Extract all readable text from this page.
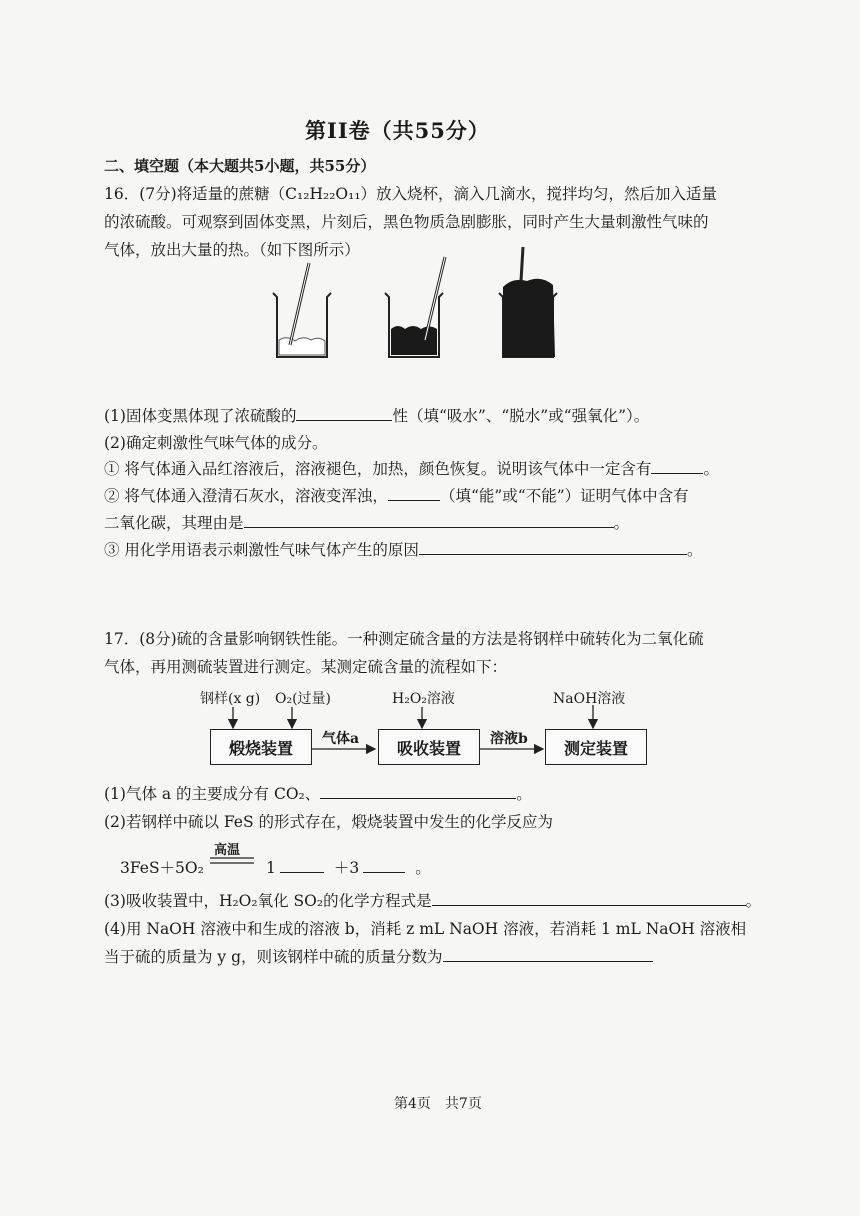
第II卷（共55分）
二、填空题（本大题共5小题，共55分）
16．(7分)将适量的蔗糖（C₁₂H₂₂O₁₁）放入烧杯，滴入几滴水，搅拌均匀，然后加入适量
的浓硫酸。可观察到固体变黑，片刻后，黑色物质急剧膨胀，同时产生大量刺激性气味的
气体，放出大量的热。（如下图所示）
(1)固体变黑体现了浓硫酸的	性（填“吸水”、“脱水”或“强氧化”）。
(2)确定刺激性气味气体的成分。
① 将气体通入品红溶液后，溶液褪色，加热，颜色恢复。说明该气体中一定含有	。
② 将气体通入澄清石灰水，溶液变浑浊，	（填“能”或“不能”）证明气体中含有
二氧化碳，其理由是	。
③ 用化学用语表示刺激性气味气体产生的原因	。
17．(8分)硫的含量影响钢铁性能。一种测定硫含量的方法是将钢样中硫转化为二氧化硫
气体，再用测硫装置进行测定。某测定硫含量的流程如下：
钢样(x g) O₂(过量)	H₂O₂溶液	NaOH溶液
煅烧装置	吸收装置	测定装置
气体a	溶液b
(1)气体 a 的主要成分有 CO₂、	。
(2)若钢样中硫以 FeS 的形式存在，煅烧装置中发生的化学反应为
3FeS＋5O₂
高温
1	＋3	。
(3)吸收装置中，H₂O₂氧化 SO₂的化学方程式是	。
(4)用 NaOH 溶液中和生成的溶液 b，消耗 z mL NaOH 溶液，若消耗 1 mL NaOH 溶液相
当于硫的质量为 y g，则该钢样中硫的质量分数为
第4页　共7页
